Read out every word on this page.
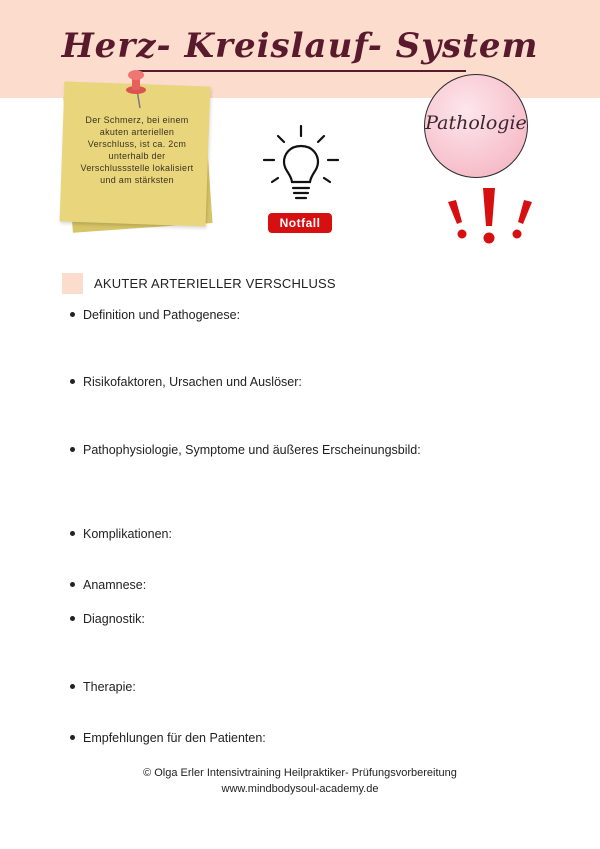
Herz- Kreislauf- System
Der Schmerz, bei einem akuten arteriellen Verschluss, ist ca. 2cm unterhalb der Verschlussstelle lokalisiert und am stärksten
Notfall
Pathologie
AKUTER ARTERIELLER VERSCHLUSS
Definition und Pathogenese:
Risikofaktoren, Ursachen und Auslöser:
Pathophysiologie, Symptome und äußeres Erscheinungsbild:
Komplikationen:
Anamnese:
Diagnostik:
Therapie:
Empfehlungen für den Patienten:
© Olga Erler Intensivtraining Heilpraktiker- Prüfungsvorbereitung
www.mindbodysoul-academy.de
